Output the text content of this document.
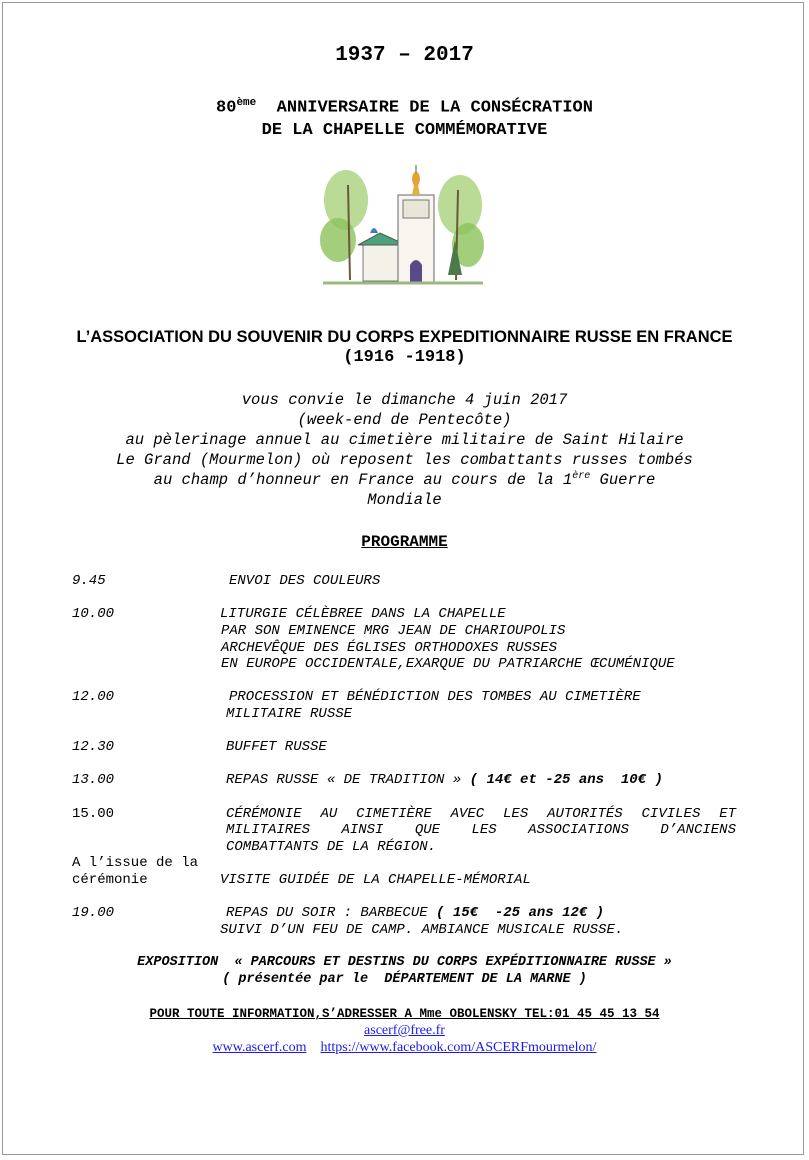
1937 – 2017
80ème ANNIVERSAIRE DE LA CONSÉCRATION
DE LA CHAPELLE COMMÉMORATIVE
L’ASSOCIATION DU SOUVENIR DU CORPS EXPEDITIONNAIRE RUSSE EN FRANCE
(1916 -1918)
vous convie le dimanche 4 juin 2017
(week-end de Pentecôte)
au pèlerinage annuel au cimetière militaire de Saint Hilaire
Le Grand (Mourmelon) où reposent les combattants russes tombés
au champ d’honneur en France au cours de la 1ère Guerre
Mondiale
PROGRAMME
9.45	ENVOI DES COULEURS
10.00	LITURGIE CÉLÈBREE DANS LA CHAPELLE
PAR SON EMINENCE MRG JEAN DE CHARIOUPOLIS
ARCHEVÊQUE DES ÉGLISES ORTHODOXES RUSSES
EN EUROPE OCCIDENTALE,EXARQUE DU PATRIARCHE ŒCUMÉNIQUE
12.00	PROCESSION ET BÉNÉDICTION DES TOMBES AU CIMETIÈRE
MILITAIRE RUSSE
12.30	BUFFET RUSSE
13.00	REPAS RUSSE « DE TRADITION » ( 14€ et -25 ans  10€ )
15.00	CÉRÉMONIE AU CIMETIÈRE AVEC LES AUTORITÉS CIVILES ET
MILITAIRES AINSI QUE LES ASSOCIATIONS D’ANCIENS
COMBATTANTS DE LA RÉGION.
A l’issue de la
cérémonie	VISITE GUIDÉE DE LA CHAPELLE-MÉMORIAL
19.00	REPAS DU SOIR : BARBECUE ( 15€  -25 ans 12€ )
SUIVI D’UN FEU DE CAMP. AMBIANCE MUSICALE RUSSE.
EXPOSITION  « PARCOURS ET DESTINS DU CORPS EXPÉDITIONNAIRE RUSSE »
( présentée par le  DÉPARTEMENT DE LA MARNE )
POUR TOUTE INFORMATION,S’ADRESSER A Mme OBOLENSKY TEL:01 45 45 13 54
ascerf@free.fr
www.ascerf.com https://www.facebook.com/ASCERFmourmelon/
